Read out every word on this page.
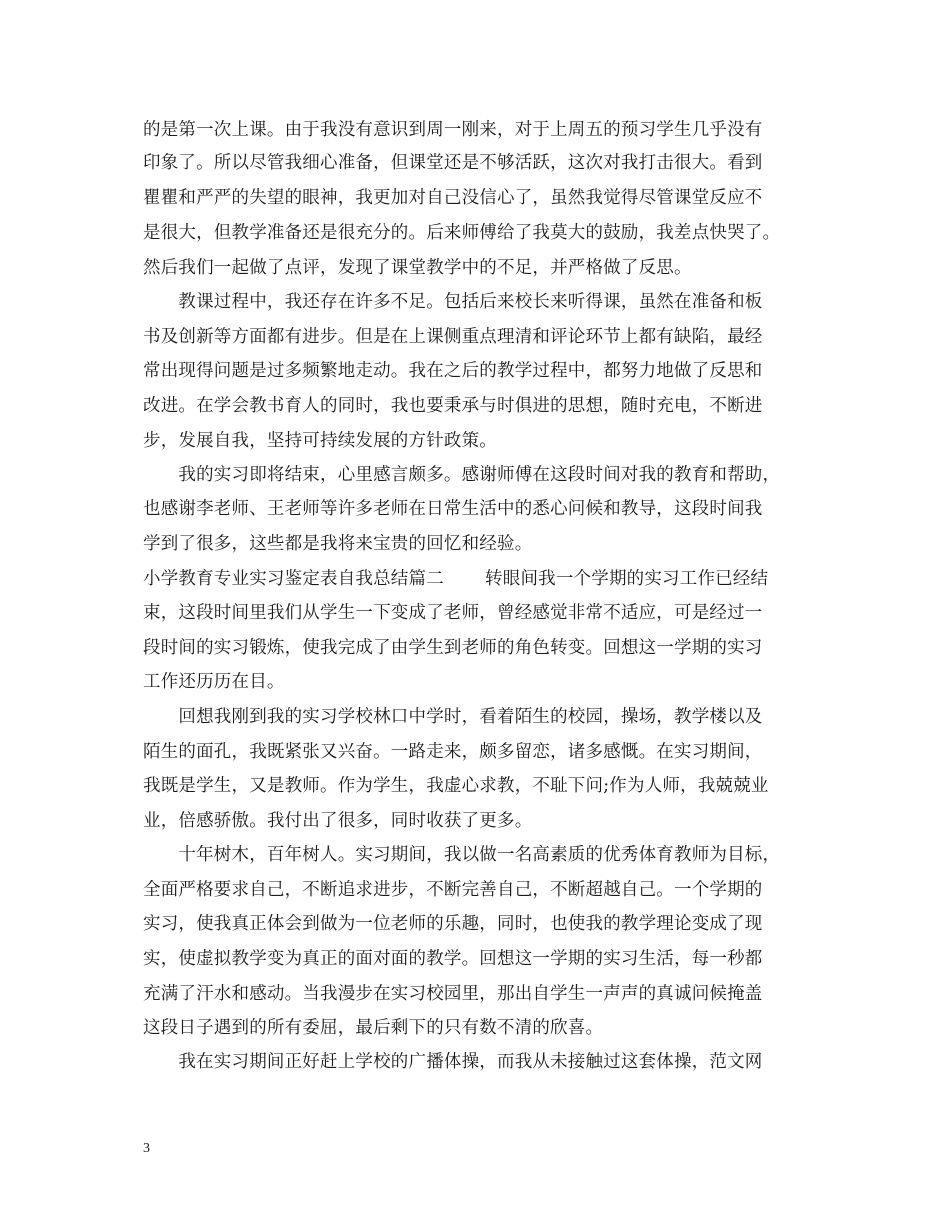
的是第一次上课。由于我没有意识到周一刚来，对于上周五的预习学生几乎没有
印象了。所以尽管我细心准备，但课堂还是不够活跃，这次对我打击很大。看到
瞿瞿和严严的失望的眼神，我更加对自己没信心了，虽然我觉得尽管课堂反应不
是很大，但教学准备还是很充分的。后来师傅给了我莫大的鼓励，我差点快哭了。
然后我们一起做了点评，发现了课堂教学中的不足，并严格做了反思。
　　教课过程中，我还存在许多不足。包括后来校长来听得课，虽然在准备和板
书及创新等方面都有进步。但是在上课侧重点理清和评论环节上都有缺陷，最经
常出现得问题是过多频繁地走动。我在之后的教学过程中，都努力地做了反思和
改进。在学会教书育人的同时，我也要秉承与时俱进的思想，随时充电，不断进
步，发展自我，坚持可持续发展的方针政策。
　　我的实习即将结束，心里感言颇多。感谢师傅在这段时间对我的教育和帮助，
也感谢李老师、王老师等许多老师在日常生活中的悉心问候和教导，这段时间我
学到了很多，这些都是我将来宝贵的回忆和经验。
小学教育专业实习鉴定表自我总结篇二　　 转眼间我一个学期的实习工作已经结
束，这段时间里我们从学生一下变成了老师，曾经感觉非常不适应，可是经过一
段时间的实习锻炼，使我完成了由学生到老师的角色转变。回想这一学期的实习
工作还历历在目。
　　回想我刚到我的实习学校林口中学时，看着陌生的校园，操场，教学楼以及
陌生的面孔，我既紧张又兴奋。一路走来，颇多留恋，诸多感慨。在实习期间，
我既是学生，又是教师。作为学生，我虚心求教，不耻下问;作为人师，我兢兢业
业，倍感骄傲。我付出了很多，同时收获了更多。
　　十年树木，百年树人。实习期间，我以做一名高素质的优秀体育教师为目标，
全面严格要求自己，不断追求进步，不断完善自己，不断超越自己。一个学期的
实习，使我真正体会到做为一位老师的乐趣，同时，也使我的教学理论变成了现
实，使虚拟教学变为真正的面对面的教学。回想这一学期的实习生活，每一秒都
充满了汗水和感动。当我漫步在实习校园里，那出自学生一声声的真诚问候掩盖
这段日子遇到的所有委屈，最后剩下的只有数不清的欣喜。
　　我在实习期间正好赶上学校的广播体操，而我从未接触过这套体操，范文网
3
